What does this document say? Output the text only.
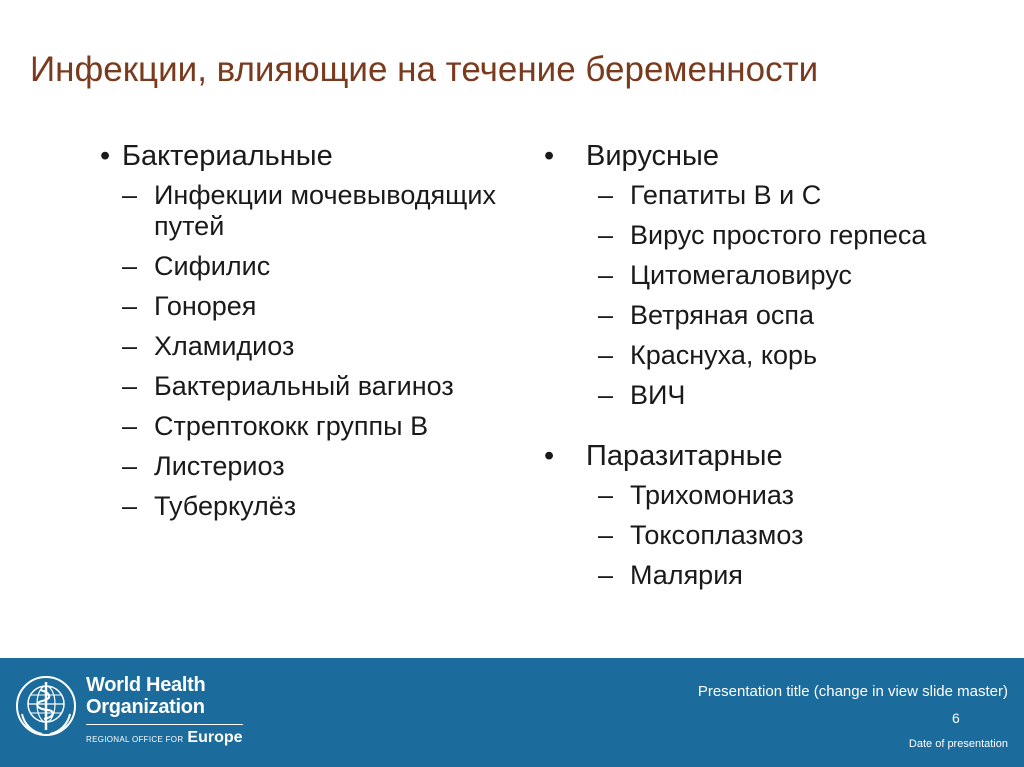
Инфекции, влияющие на течение беременности
• Бактериальные
– Инфекции мочевыводящих путей
– Сифилис
– Гонорея
– Хламидиоз
– Бактериальный вагиноз
– Стрептококк группы В
– Листериоз
– Туберкулёз
•	Вирусные
– Гепатиты В и С
– Вирус простого герпеса
– Цитомегаловирус
– Ветряная оспа
– Краснуха, корь
– ВИЧ
•	Паразитарные
– Трихомониаз
– Токсоплазмоз
– Малярия
World Health
Organization
REGIONAL OFFICE FOR Europe
Presentation title (change in view slide master)
6
Date of presentation
